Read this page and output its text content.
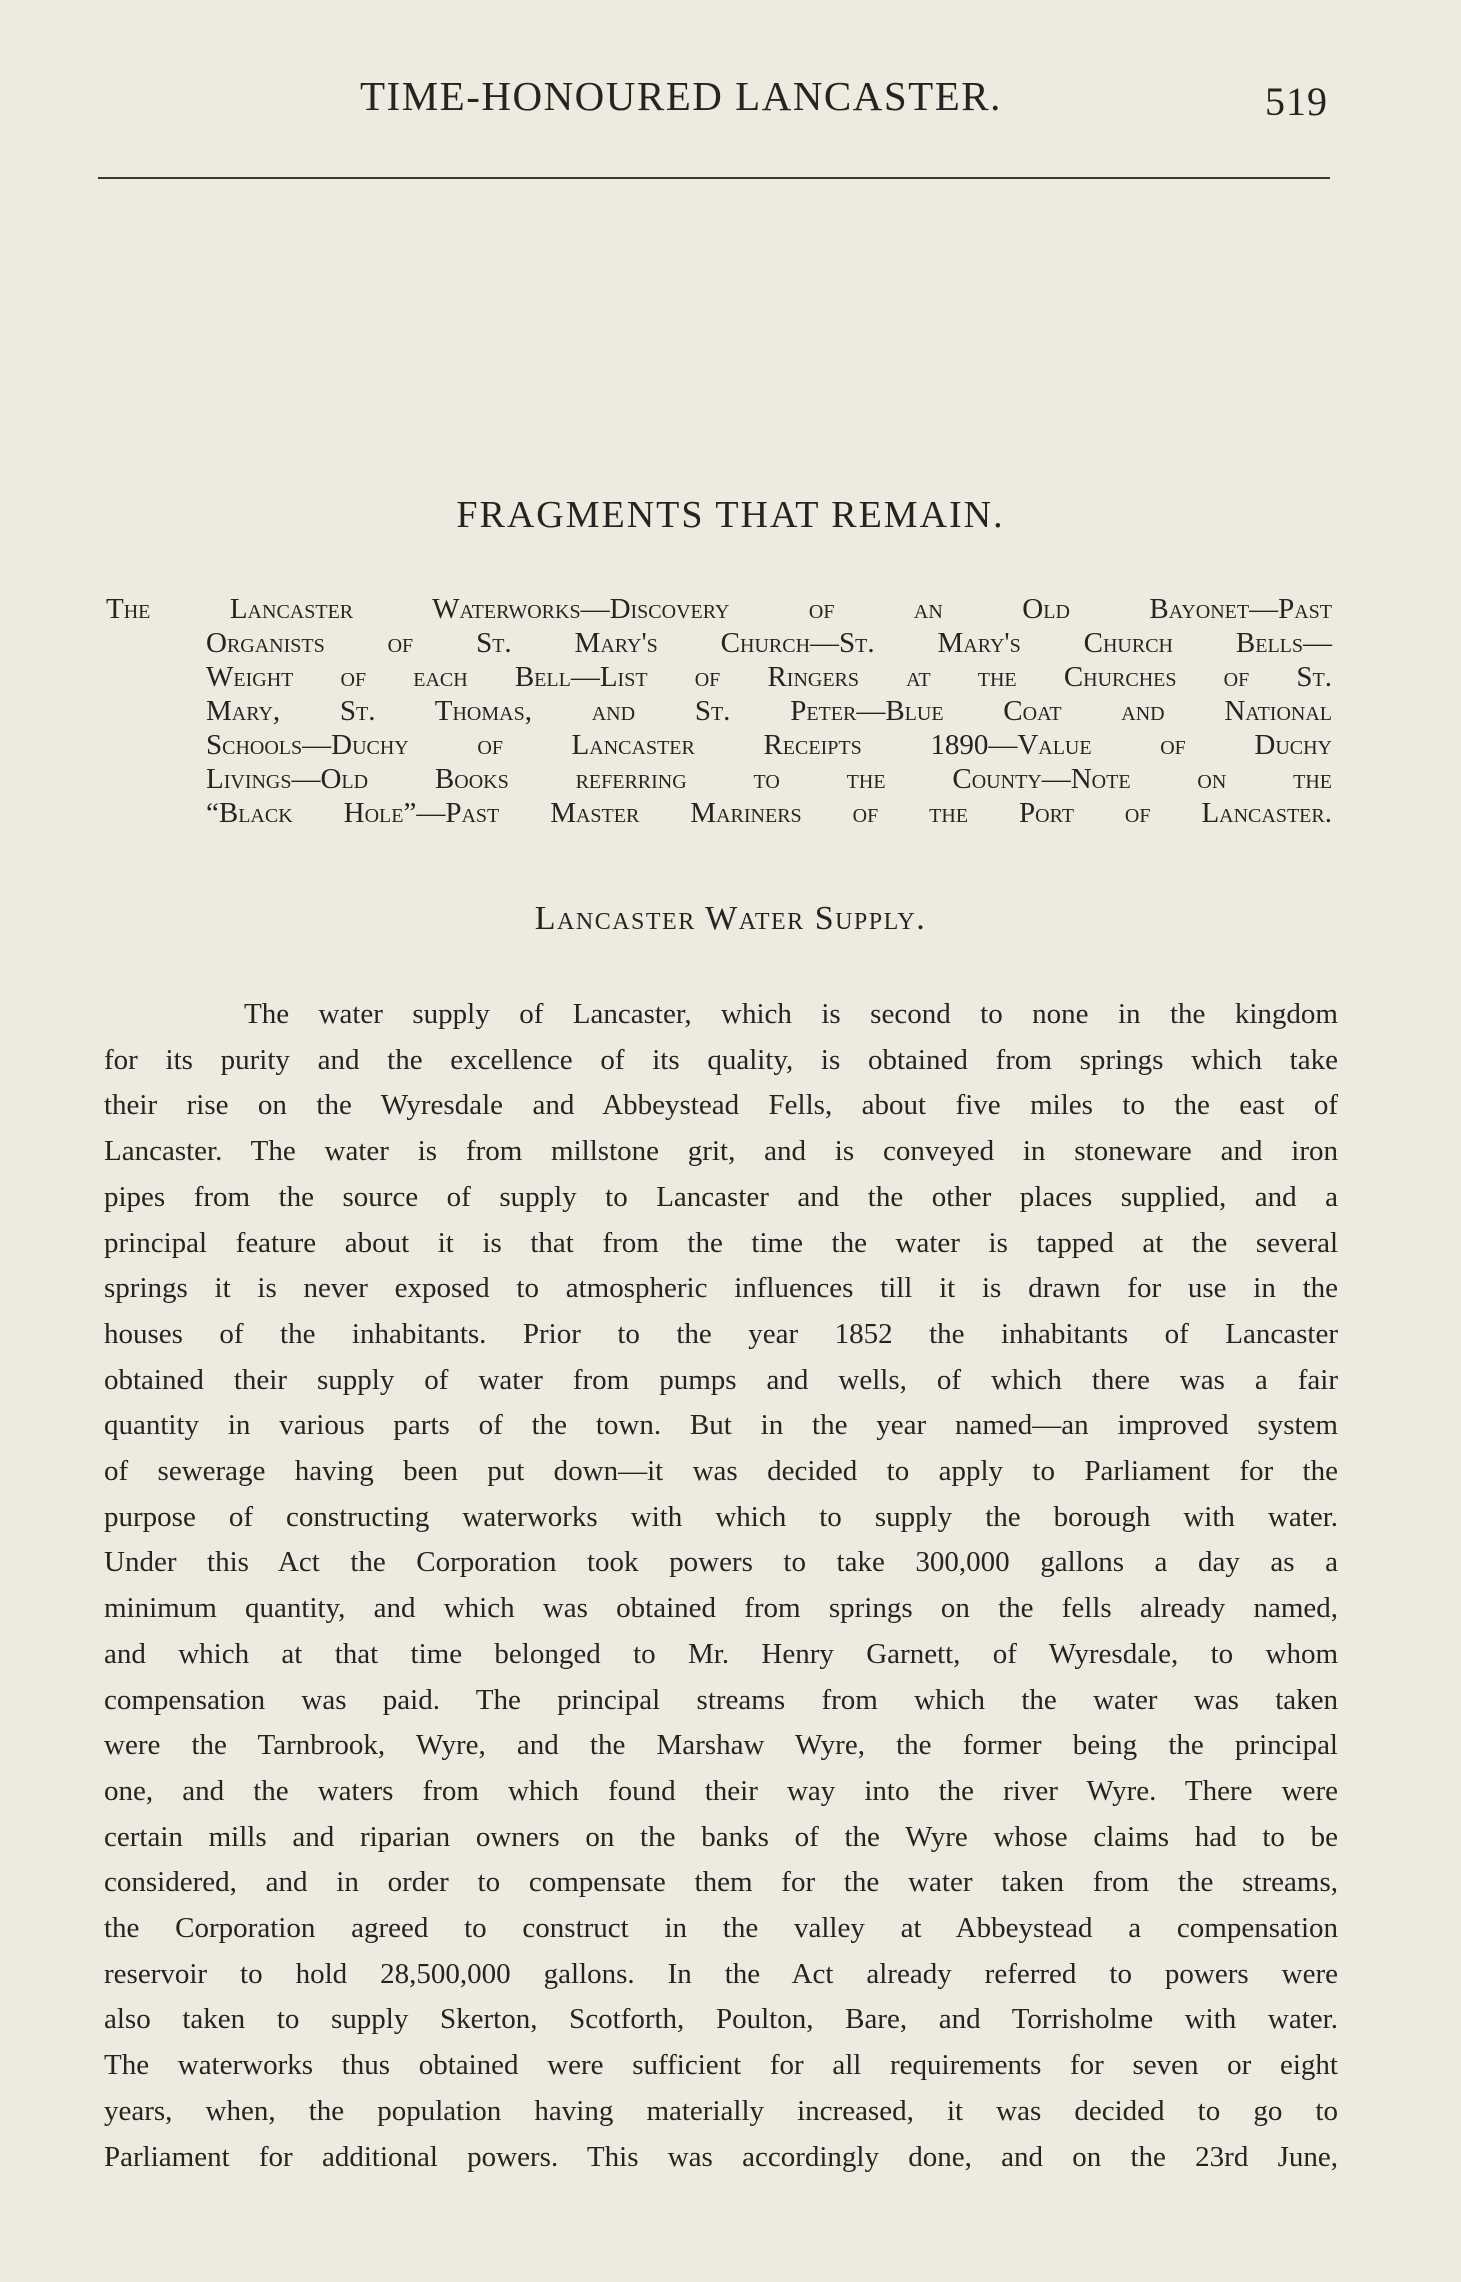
TIME-HONOURED LANCASTER.	519
FRAGMENTS THAT REMAIN.
The Lancaster Waterworks—Discovery of an Old Bayonet—Past
Organists of St. Mary's Church—St. Mary's Church Bells—
Weight of each Bell—List of Ringers at the Churches of St.
Mary, St. Thomas, and St. Peter—Blue Coat and National
Schools—Duchy of Lancaster Receipts 1890—Value of Duchy
Livings—Old Books referring to the County—Note on the
“Black Hole”—Past Master Mariners of the Port of Lancaster.
Lancaster Water Supply.
The water supply of Lancaster, which is second to none in the kingdom
for its purity and the excellence of its quality, is obtained from springs which take
their rise on the Wyresdale and Abbeystead Fells, about five miles to the east of
Lancaster. The water is from millstone grit, and is conveyed in stoneware and iron
pipes from the source of supply to Lancaster and the other places supplied, and a
principal feature about it is that from the time the water is tapped at the several
springs it is never exposed to atmospheric influences till it is drawn for use in the
houses of the inhabitants. Prior to the year 1852 the inhabitants of Lancaster
obtained their supply of water from pumps and wells, of which there was a fair
quantity in various parts of the town. But in the year named—an improved system
of sewerage having been put down—it was decided to apply to Parliament for the
purpose of constructing waterworks with which to supply the borough with water.
Under this Act the Corporation took powers to take 300,000 gallons a day as a
minimum quantity, and which was obtained from springs on the fells already named,
and which at that time belonged to Mr. Henry Garnett, of Wyresdale, to whom
compensation was paid. The principal streams from which the water was taken
were the Tarnbrook, Wyre, and the Marshaw Wyre, the former being the principal
one, and the waters from which found their way into the river Wyre. There were
certain mills and riparian owners on the banks of the Wyre whose claims had to be
considered, and in order to compensate them for the water taken from the streams,
the Corporation agreed to construct in the valley at Abbeystead a compensation
reservoir to hold 28,500,000 gallons. In the Act already referred to powers were
also taken to supply Skerton, Scotforth, Poulton, Bare, and Torrisholme with water.
The waterworks thus obtained were sufficient for all requirements for seven or eight
years, when, the population having materially increased, it was decided to go to
Parliament for additional powers. This was accordingly done, and on the 23rd June,
